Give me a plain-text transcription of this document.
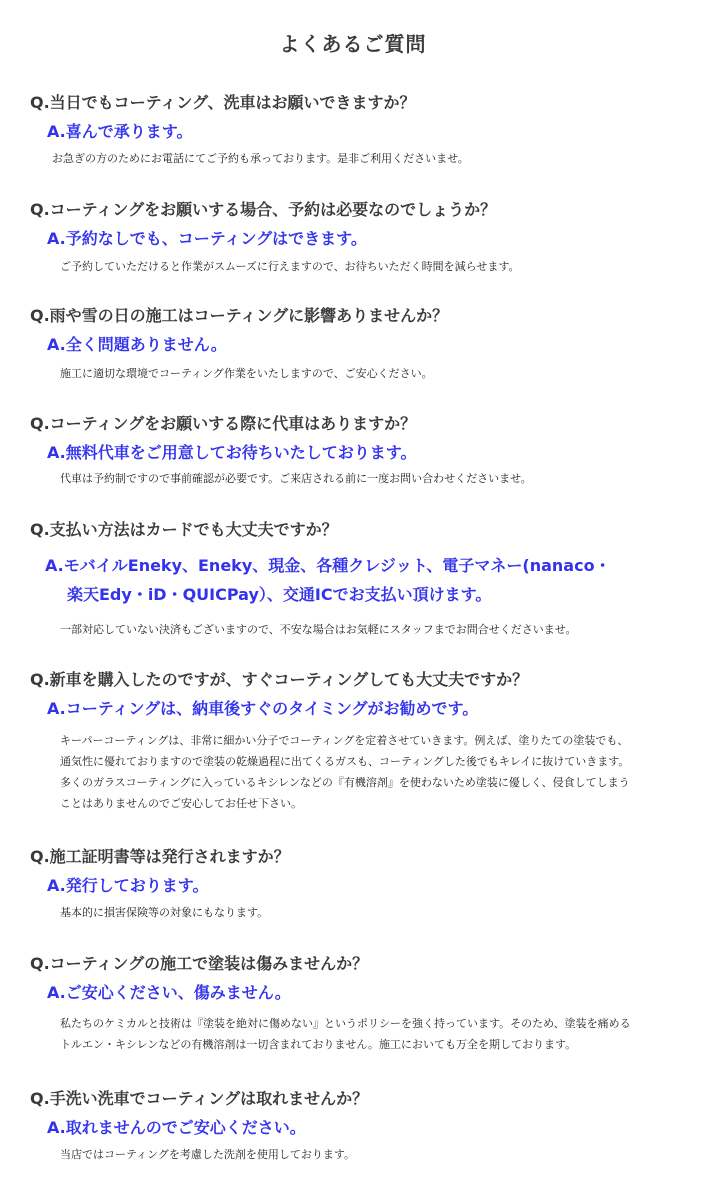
よくあるご質問
Q.当日でもコーティング、洗車はお願いできますか？
A.喜んで承ります。
お急ぎの方のためにお電話にてご予約も承っております。是非ご利用くださいませ。
Q.コーティングをお願いする場合、予約は必要なのでしょうか？
A.予約なしでも、コーティングはできます。
ご予約していただけると作業がスムーズに行えますので、お待ちいただく時間を減らせます。
Q.雨や雪の日の施工はコーティングに影響ありませんか？
A.全く問題ありません。
施工に適切な環境でコーティング作業をいたしますので、ご安心ください。
Q.コーティングをお願いする際に代車はありますか？
A.無料代車をご用意してお待ちいたしております。
代車は予約制ですので事前確認が必要です。ご来店される前に一度お問い合わせくださいませ。
Q.支払い方法はカードでも大丈夫ですか？
A.モバイルEneky、Eneky、現金、各種クレジット、電子マネー(nanaco・
楽天Edy・iD・QUICPay）、交通ICでお支払い頂けます。
一部対応していない決済もございますので、不安な場合はお気軽にスタッフまでお問合せくださいませ。
Q.新車を購入したのですが、すぐコーティングしても大丈夫ですか？
A.コーティングは、納車後すぐのタイミングがお勧めです。
キーパーコーティングは、非常に細かい分子でコーティングを定着させていきます。例えば、塗りたての塗装でも、
通気性に優れておりますので塗装の乾燥過程に出てくるガスも、コーティングした後でもキレイに抜けていきます。
多くのガラスコーティングに入っているキシレンなどの『有機溶剤』を使わないため塗装に優しく、侵食してしまう
ことはありませんのでご安心してお任せ下さい。
Q.施工証明書等は発行されますか？
A.発行しております。
基本的に損害保険等の対象にもなります。
Q.コーティングの施工で塗装は傷みませんか？
A.ご安心ください、傷みません。
私たちのケミカルと技術は『塗装を絶対に傷めない』というポリシーを強く持っています。そのため、塗装を痛める
トルエン・キシレンなどの有機溶剤は一切含まれておりません。施工においても万全を期しております。
Q.手洗い洗車でコーティングは取れませんか？
A.取れませんのでご安心ください。
当店ではコーティングを考慮した洗剤を使用しております。
